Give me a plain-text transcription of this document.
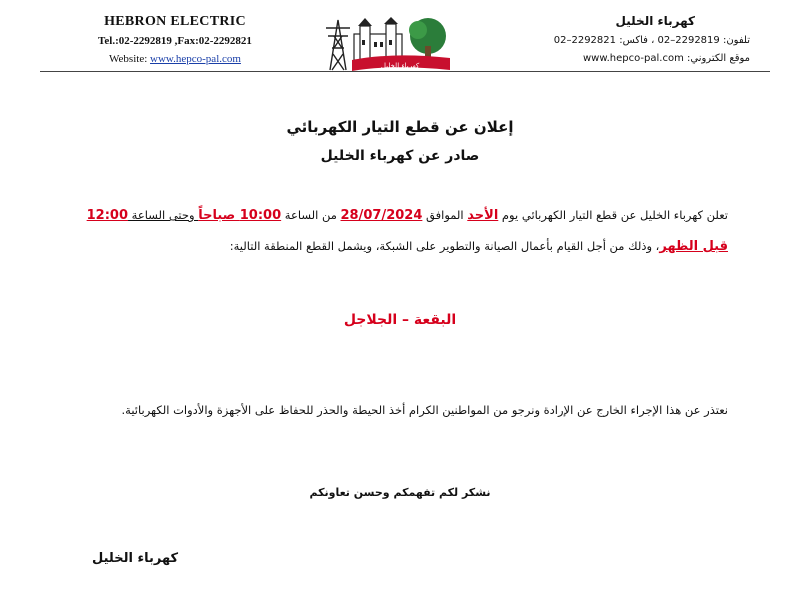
HEBRON ELECTRIC
Tel.:02-2292819 ,Fax:02-2292821
Website: www.hepco-pal.com
كهرباء الخليل
كهرباء الخليل
تلفون: 2292819–02 ، فاكس: 2292821–02
موقع الكتروني: www.hepco-pal.com
إعلان عن قطع التيار الكهربائي
صادر عن كهرباء الخليل
تعلن كهرباء الخليل عن قطع التيار الكهربائي يوم الأحد الموافق 28/07/2024 من الساعة 10:00 صباحاً وحتى الساعة 12:00 قبل الظهر، وذلك من أجل القيام بأعمال الصيانة والتطوير على الشبكة، ويشمل القطع المنطقة التالية:
البقعة – الجلاجل
نعتذر عن هذا الإجراء الخارج عن الإرادة ونرجو من المواطنين الكرام أخذ الحيطة والحذر للحفاظ على الأجهزة والأدوات الكهربائية.
نشكر لكم تفهمكم وحسن تعاونكم
كهرباء الخليل
